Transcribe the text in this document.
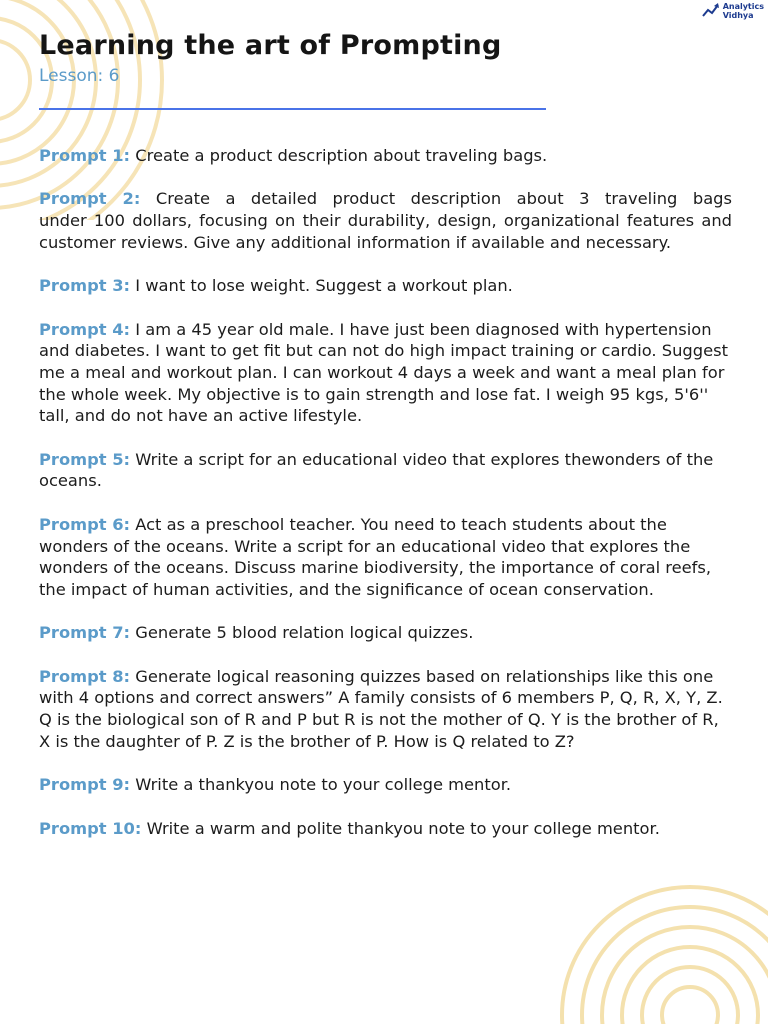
Analytics
Vidhya
Learning the art of Prompting
Lesson: 6

Prompt 1: Create a product description about traveling bags.

Prompt 2: Create a detailed product description about 3 traveling bags
under 100 dollars, focusing on their durability, design, organizational features and customer reviews. Give any additional information if available and necessary.

Prompt 3: I want to lose weight. Suggest a workout plan.

Prompt 4: I am a 45 year old male. I have just been diagnosed with hypertension and diabetes. I want to get fit but can not do high impact training or cardio. Suggest me a meal and workout plan. I can workout 4 days a week and want a meal plan for the whole week. My objective is to gain strength and lose fat. I weigh 95 kgs, 5'6'' tall, and do not have an active lifestyle.

Prompt 5: Write a script for an educational video that explores thewonders of the oceans.

Prompt 6: Act as a preschool teacher. You need to teach students about the wonders of the oceans. Write a script for an educational video that explores the wonders of the oceans. Discuss marine biodiversity, the importance of coral reefs, the impact of human activities, and the significance of ocean conservation.

Prompt 7: Generate 5 blood relation logical quizzes.

Prompt 8: Generate logical reasoning quizzes based on relationships like this one with 4 options and correct answers” A family consists of 6 members P, Q, R, X, Y, Z. Q is the biological son of R and P but R is not the mother of Q. Y is the brother of R, X is the daughter of P. Z is the brother of P. How is Q related to Z?

Prompt 9: Write a thankyou note to your college mentor.

Prompt 10: Write a warm and polite thankyou note to your college mentor.
